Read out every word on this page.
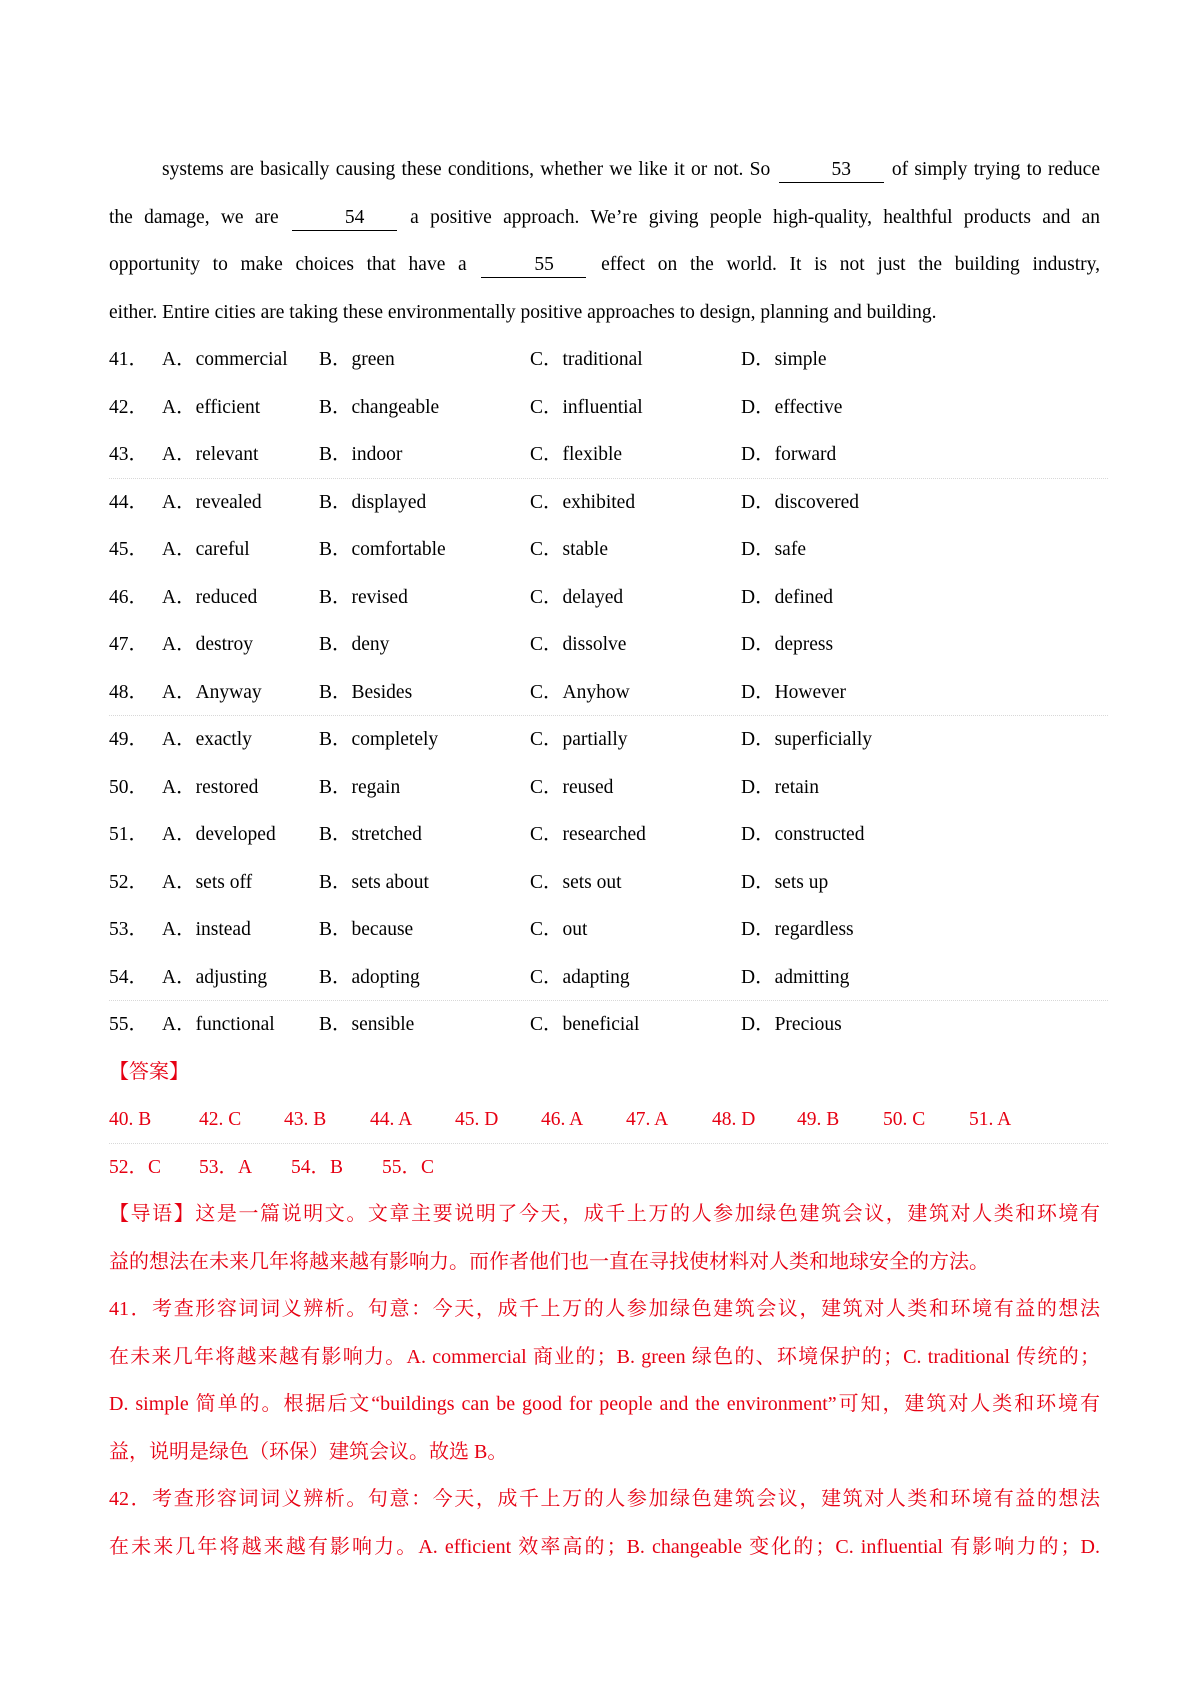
systems are basically causing these conditions, whether we like it or not. So	53 of simply trying to reduce the damage, we are	54 a positive approach. We’re giving people high-quality, healthful products and an opportunity to make choices that have a	55 effect on the world. It is not just the building industry,
either. Entire cities are taking these environmentally positive approaches to design, planning and building.
41． A．commercial B．green	C．traditional	D．simple
42． A．efficient	B．changeable	C．influential	D．effective
43． A．relevant	B．indoor	C．flexible	D．forward
44． A．revealed	B．displayed	C．exhibited	D．discovered
45． A．careful	B．comfortable	C．stable	D．safe
46． A．reduced	B．revised	C．delayed	D．defined
47． A．destroy	B．deny	C．dissolve	D．depress
48． A．Anyway	B．Besides	C．Anyhow	D．However
49． A．exactly	B．completely	C．partially	D．superficially
50． A．restored	B．regain	C．reused	D．retain
51． A．developed B．stretched	C．researched	D．constructed
52． A．sets off	B．sets about	C．sets out	D．sets up
53． A．instead	B．because	C．out	D．regardless
54． A．adjusting	B．adopting	C．adapting	D．admitting
55． A．functional B．sensible	C．beneficial	D．Precious
【答案】
40. B 42. C 43. B 44. A 45. D 46. A 47. A 48. D 49. B 50. C 51. A
52．C 53．A 54．B 55．C
【导语】这是一篇说明文。文章主要说明了今天，成千上万的人参加绿色建筑会议，建筑对人类和环境有
益的想法在未来几年将越来越有影响力。而作者他们也一直在寻找使材料对人类和地球安全的方法。
41．考查形容词词义辨析。句意：今天，成千上万的人参加绿色建筑会议，建筑对人类和环境有益的想法
在未来几年将越来越有影响力。A. commercial 商业的；B. green 绿色的、环境保护的；C. traditional 传统的；
D. simple 简单的。根据后文“buildings can be good for people and the environment”可知，建筑对人类和环境有
益，说明是绿色（环保）建筑会议。故选 B。
42．考查形容词词义辨析。句意：今天，成千上万的人参加绿色建筑会议，建筑对人类和环境有益的想法
在未来几年将越来越有影响力。A. efficient 效率高的；B. changeable 变化的；C. influential 有影响力的；D.
